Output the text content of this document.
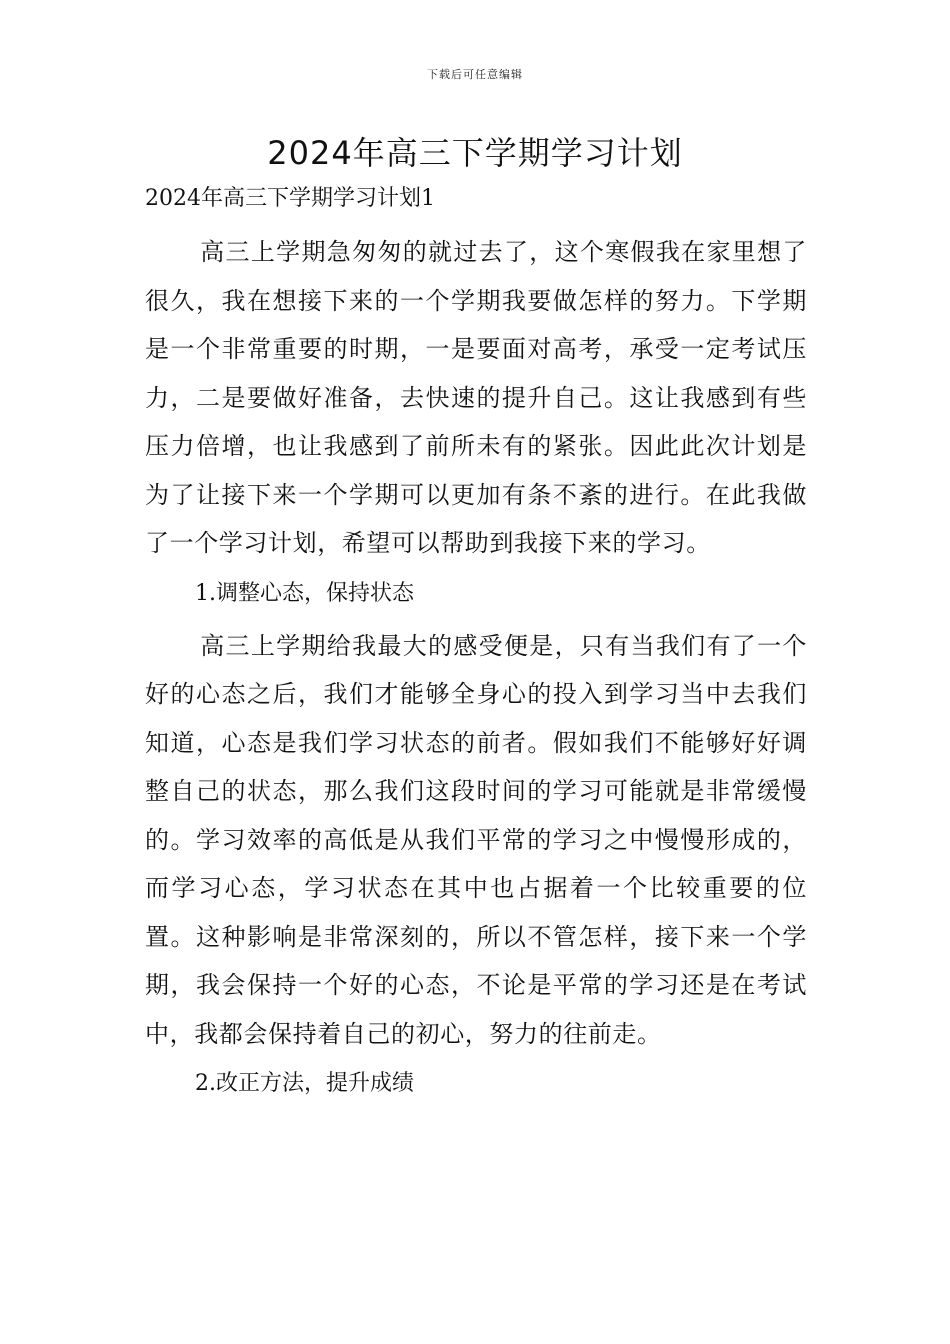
下载后可任意编辑
2024年高三下学期学习计划

2024年高三下学期学习计划1

高三上学期急匆匆的就过去了，这个寒假我在家里想了很久，我在想接下来的一个学期我要做怎样的努力。下学期是一个非常重要的时期，一是要面对高考，承受一定考试压力，二是要做好准备，去快速的提升自己。这让我感到有些压力倍增，也让我感到了前所未有的紧张。因此此次计划是为了让接下来一个学期可以更加有条不紊的进行。在此我做了一个学习计划，希望可以帮助到我接下来的学习。

1.调整心态，保持状态

高三上学期给我最大的感受便是，只有当我们有了一个好的心态之后，我们才能够全身心的投入到学习当中去我们知道，心态是我们学习状态的前者。假如我们不能够好好调整自己的状态，那么我们这段时间的学习可能就是非常缓慢的。学习效率的高低是从我们平常的学习之中慢慢形成的，而学习心态，学习状态在其中也占据着一个比较重要的位置。这种影响是非常深刻的，所以不管怎样，接下来一个学期，我会保持一个好的心态，不论是平常的学习还是在考试中，我都会保持着自己的初心，努力的往前走。

2.改正方法，提升成绩
